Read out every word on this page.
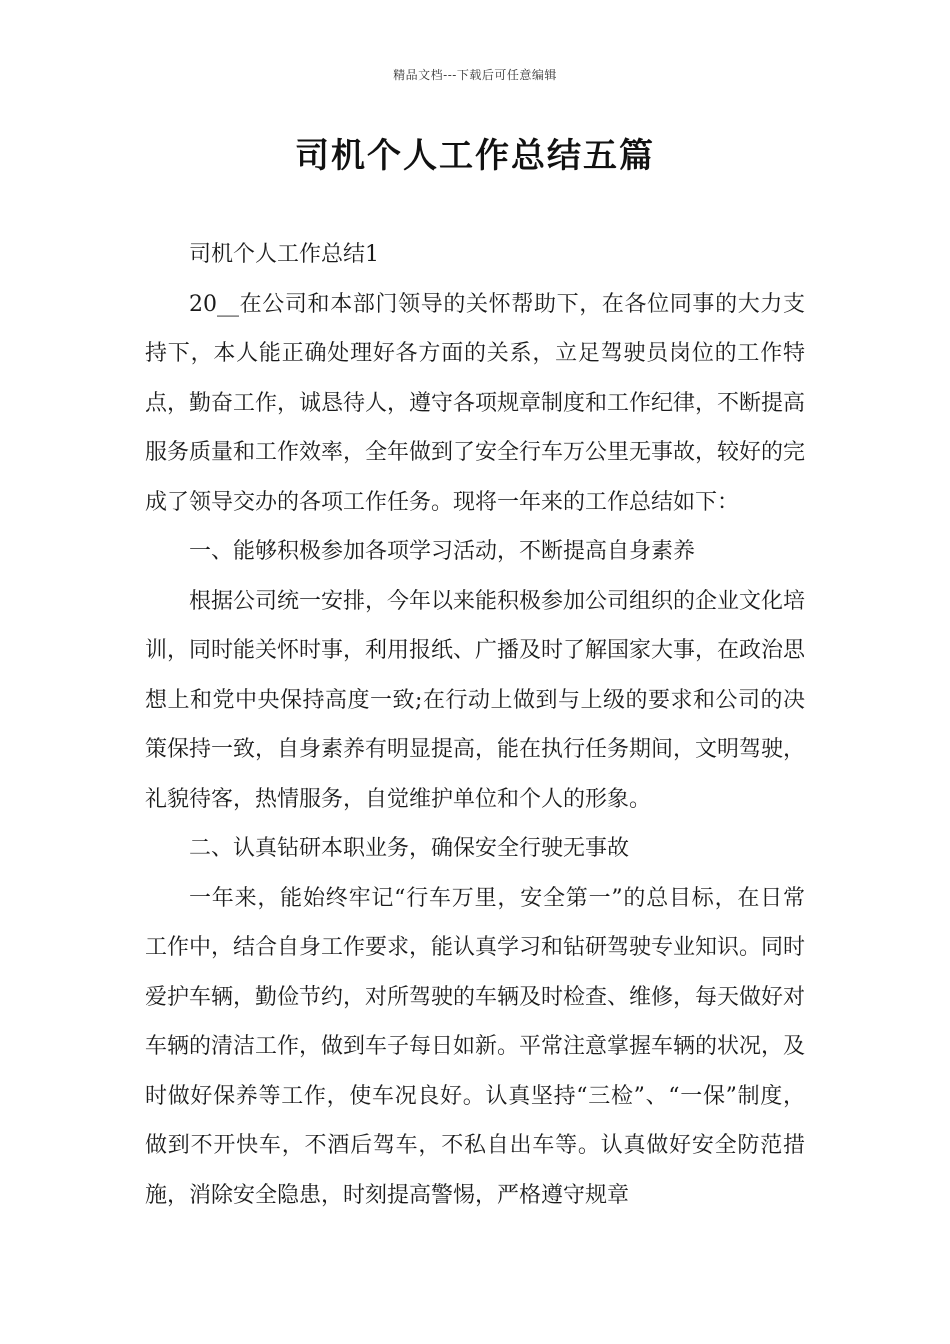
精品文档---下载后可任意编辑
司机个人工作总结五篇

司机个人工作总结1

20__在公司和本部门领导的关怀帮助下，在各位同事的大力支持下，本人能正确处理好各方面的关系，立足驾驶员岗位的工作特点，勤奋工作，诚恳待人，遵守各项规章制度和工作纪律，不断提高服务质量和工作效率，全年做到了安全行车万公里无事故，较好的完成了领导交办的各项工作任务。现将一年来的工作总结如下：

一、能够积极参加各项学习活动，不断提高自身素养

根据公司统一安排，今年以来能积极参加公司组织的企业文化培训，同时能关怀时事，利用报纸、广播及时了解国家大事，在政治思想上和党中央保持高度一致;在行动上做到与上级的要求和公司的决策保持一致，自身素养有明显提高，能在执行任务期间，文明驾驶，礼貌待客，热情服务，自觉维护单位和个人的形象。

二、认真钻研本职业务，确保安全行驶无事故

一年来，能始终牢记“行车万里，安全第一”的总目标，在日常工作中，结合自身工作要求，能认真学习和钻研驾驶专业知识。同时爱护车辆，勤俭节约，对所驾驶的车辆及时检查、维修，每天做好对车辆的清洁工作，做到车子每日如新。平常注意掌握车辆的状况，及时做好保养等工作，使车况良好。认真坚持“三检”、“一保”制度，做到不开快车，不酒后驾车，不私自出车等。认真做好安全防范措施，消除安全隐患，时刻提高警惕，严格遵守规章
